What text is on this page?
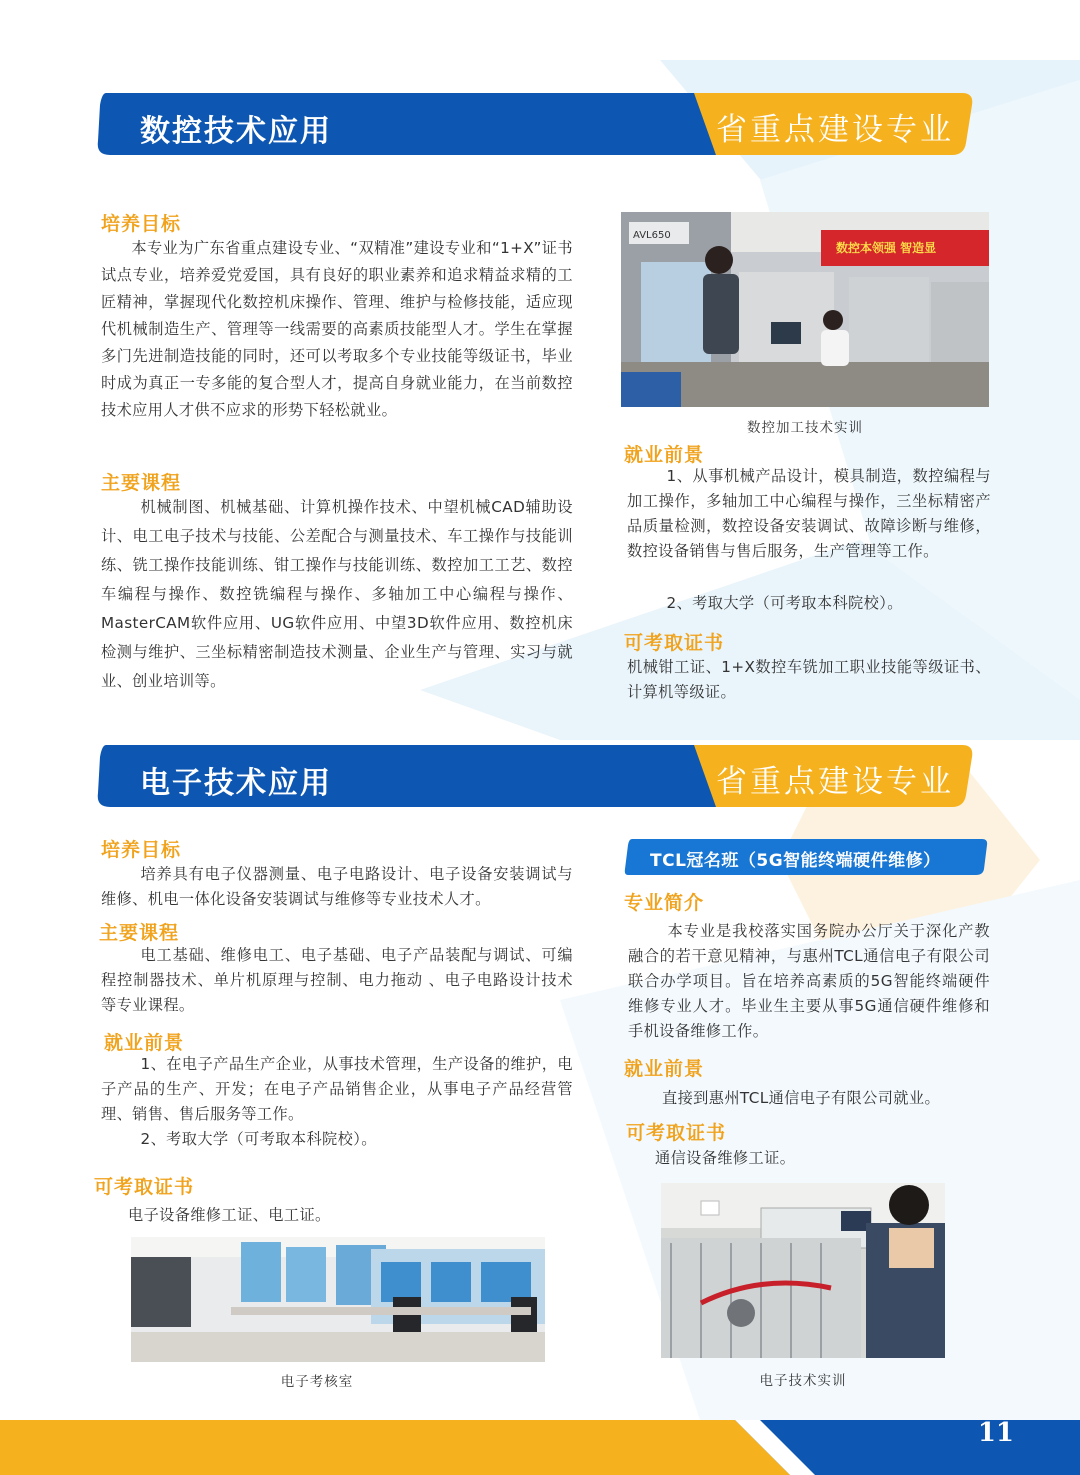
数控技术应用	省重点建设专业
培养目标
本专业为广东省重点建设专业、“双精准”建设专业和“1+X”证书试点专业，培养爱党爱国，具有良好的职业素养和追求精益求精的工匠精神，掌握现代化数控机床操作、管理、维护与检修技能，适应现代机械制造生产、管理等一线需要的高素质技能型人才。学生在掌握多门先进制造技能的同时，还可以考取多个专业技能等级证书，毕业时成为真正一专多能的复合型人才，提高自身就业能力，在当前数控技术应用人才供不应求的形势下轻松就业。
主要课程
机械制图、机械基础、计算机操作技术、中望机械CAD辅助设计、电工电子技术与技能、公差配合与测量技术、车工操作与技能训练、铣工操作技能训练、钳工操作与技能训练、数控加工工艺、数控车编程与操作、数控铣编程与操作、多轴加工中心编程与操作、MasterCAM软件应用、UG软件应用、中望3D软件应用、数控机床检测与维护、三坐标精密制造技术测量、企业生产与管理、实习与就业、创业培训等。
数控本领强 智造显
AVL650
数控加工技术实训
就业前景
1、从事机械产品设计，模具制造，数控编程与加工操作，多轴加工中心编程与操作，三坐标精密产品质量检测，数控设备安装调试、故障诊断与维修，数控设备销售与售后服务，生产管理等工作。
2、考取大学（可考取本科院校）。
可考取证书
机械钳工证、1+X数控车铣加工职业技能等级证书、计算机等级证。
电子技术应用	省重点建设专业
培养目标
培养具有电子仪器测量、电子电路设计、电子设备安装调试与维修、机电一体化设备安装调试与维修等专业技术人才。
主要课程
电工基础、维修电工、电子基础、电子产品装配与调试、可编程控制器技术、单片机原理与控制、电力拖动 、电子电路设计技术等专业课程。
就业前景
1、在电子产品生产企业，从事技术管理，生产设备的维护，电子产品的生产、开发；在电子产品销售企业，从事电子产品经营管理、销售、售后服务等工作。
2、考取大学（可考取本科院校）。
可考取证书
电子设备维修工证、电工证。
电子考核室
TCL冠名班（5G智能终端硬件维修）
专业简介
本专业是我校落实国务院办公厅关于深化产教融合的若干意见精神，与惠州TCL通信电子有限公司联合办学项目。旨在培养高素质的5G智能终端硬件维修专业人才。毕业生主要从事5G通信硬件维修和手机设备维修工作。
就业前景
直接到惠州TCL通信电子有限公司就业。
可考取证书
通信设备维修工证。
电子技术实训
11
